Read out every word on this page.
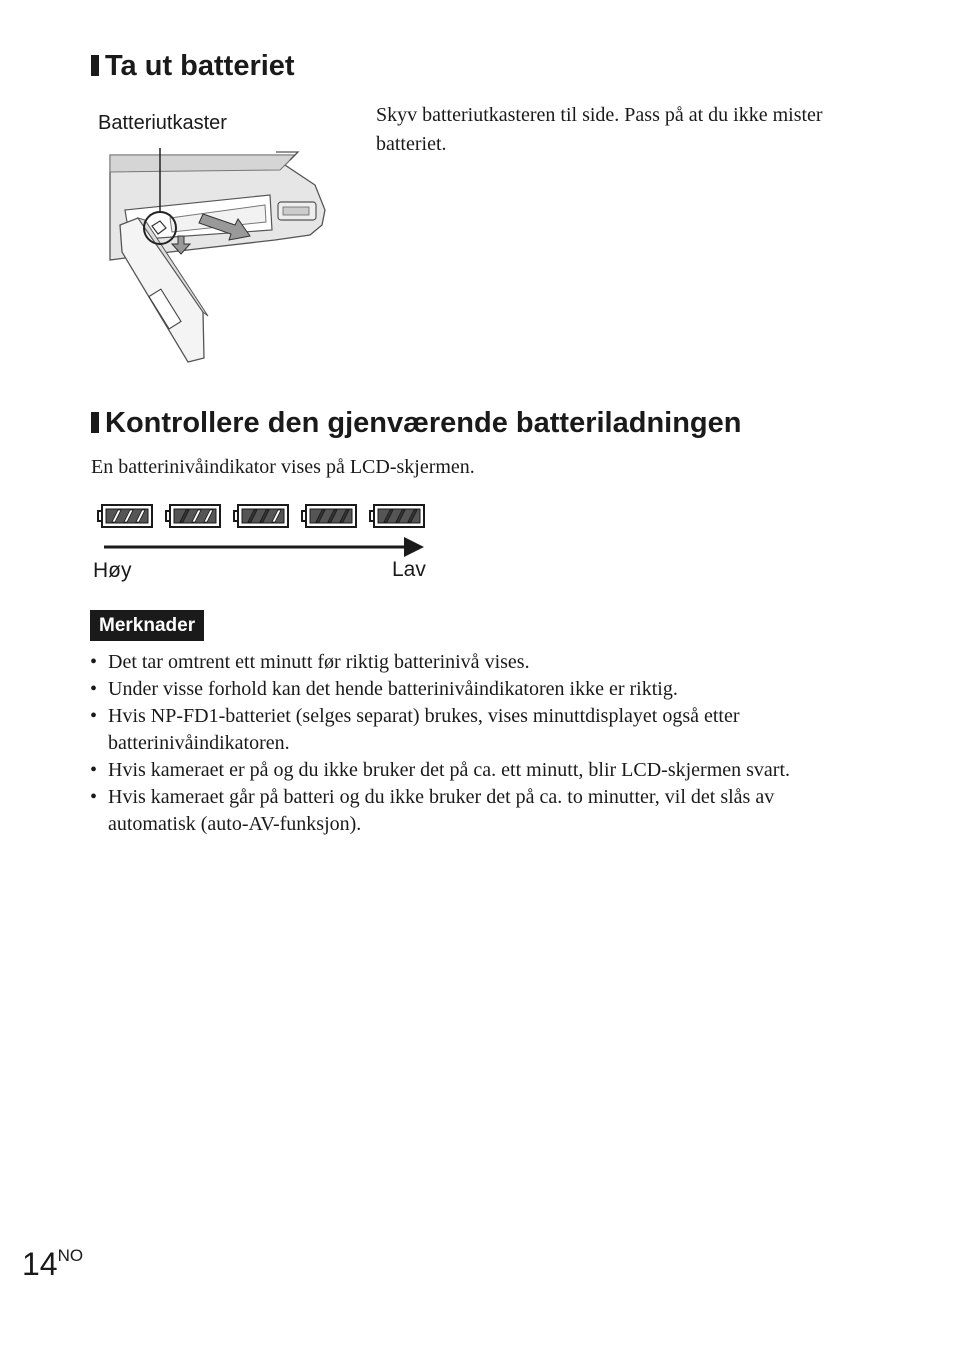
Ta ut batteriet
Batteriutkaster	Skyv batteriutkasteren til side. Pass på at du ikke mister batteriet.
Kontrollere den gjenværende batteriladningen
En batterinivåindikator vises på LCD-skjermen.
Høy	Lav
Merknader
• Det tar omtrent ett minutt før riktig batterinivå vises.
• Under visse forhold kan det hende batterinivåindikatoren ikke er riktig.
• Hvis NP-FD1-batteriet (selges separat) brukes, vises minuttdisplayet også etter batterinivåindikatoren.
• Hvis kameraet er på og du ikke bruker det på ca. ett minutt, blir LCD-skjermen svart.
• Hvis kameraet går på batteri og du ikke bruker det på ca. to minutter, vil det slås av automatisk (auto-AV-funksjon).
$14^{NO}$
